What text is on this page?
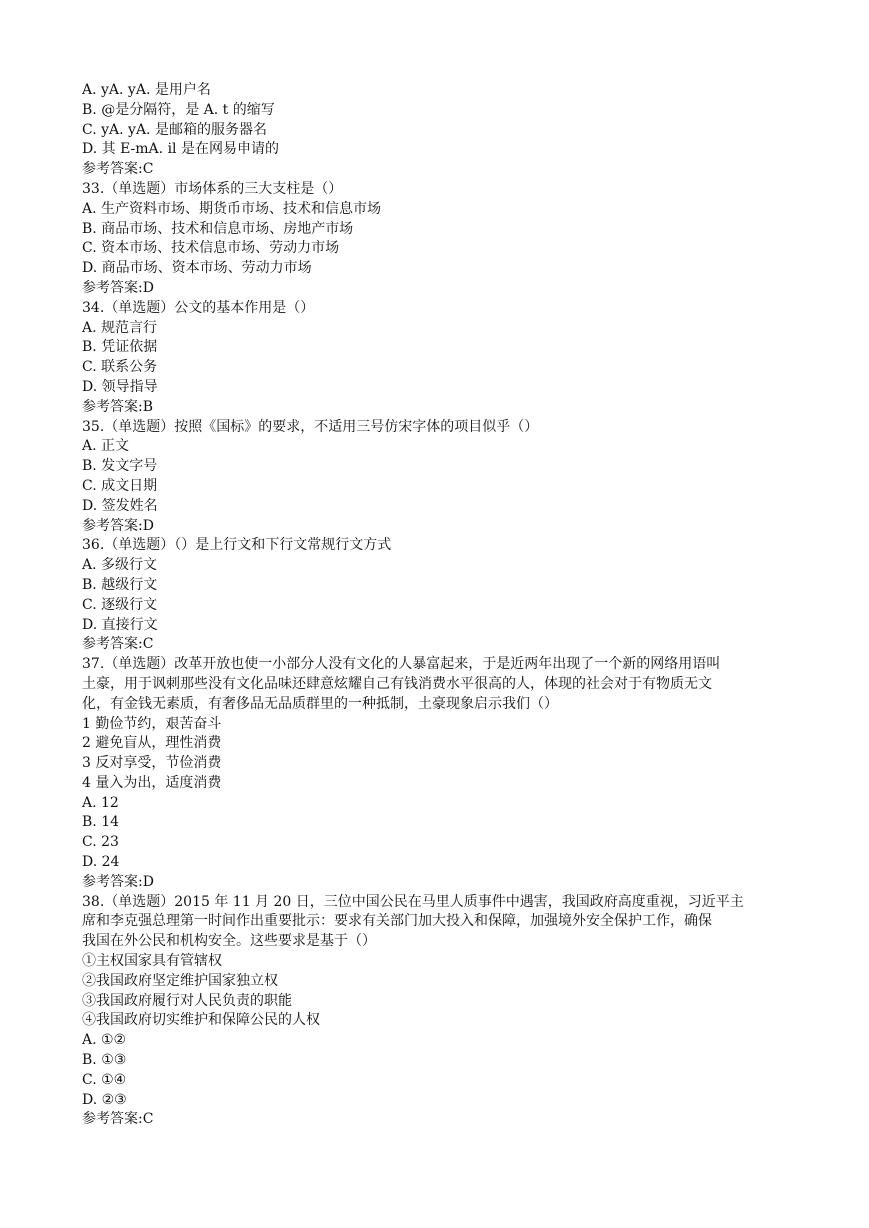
A. yA. yA. 是用户名
B. @是分隔符，是 A. t 的缩写
C. yA. yA. 是邮箱的服务器名
D. 其 E-mA. il 是在网易申请的
参考答案:C
33.（单选题）市场体系的三大支柱是（）
A. 生产资料市场、期货币市场、技术和信息市场
B. 商品市场、技术和信息市场、房地产市场
C. 资本市场、技术信息市场、劳动力市场
D. 商品市场、资本市场、劳动力市场
参考答案:D
34.（单选题）公文的基本作用是（）
A. 规范言行
B. 凭证依据
C. 联系公务
D. 领导指导
参考答案:B
35.（单选题）按照《国标》的要求，不适用三号仿宋字体的项目似乎（）
A. 正文
B. 发文字号
C. 成文日期
D. 签发姓名
参考答案:D
36.（单选题）（）是上行文和下行文常规行文方式
A. 多级行文
B. 越级行文
C. 逐级行文
D. 直接行文
参考答案:C
37.（单选题）改革开放也使一小部分人没有文化的人暴富起来，于是近两年出现了一个新的网络用语叫
土豪，用于讽刺那些没有文化品味还肆意炫耀自己有钱消费水平很高的人，体现的社会对于有物质无文
化，有金钱无素质，有奢侈品无品质群里的一种抵制，土豪现象启示我们（）
1 勤俭节约，艰苦奋斗
2 避免盲从，理性消费
3 反对享受，节俭消费
4 量入为出，适度消费
A. 12
B. 14
C. 23
D. 24
参考答案:D
38.（单选题）2015 年 11 月 20 日，三位中国公民在马里人质事件中遇害，我国政府高度重视，习近平主
席和李克强总理第一时间作出重要批示：要求有关部门加大投入和保障，加强境外安全保护工作，确保
我国在外公民和机构安全。这些要求是基于（）
①主权国家具有管辖权
②我国政府坚定维护国家独立权
③我国政府履行对人民负责的职能
④我国政府切实维护和保障公民的人权
A. ①②
B. ①③
C. ①④
D. ②③
参考答案:C
